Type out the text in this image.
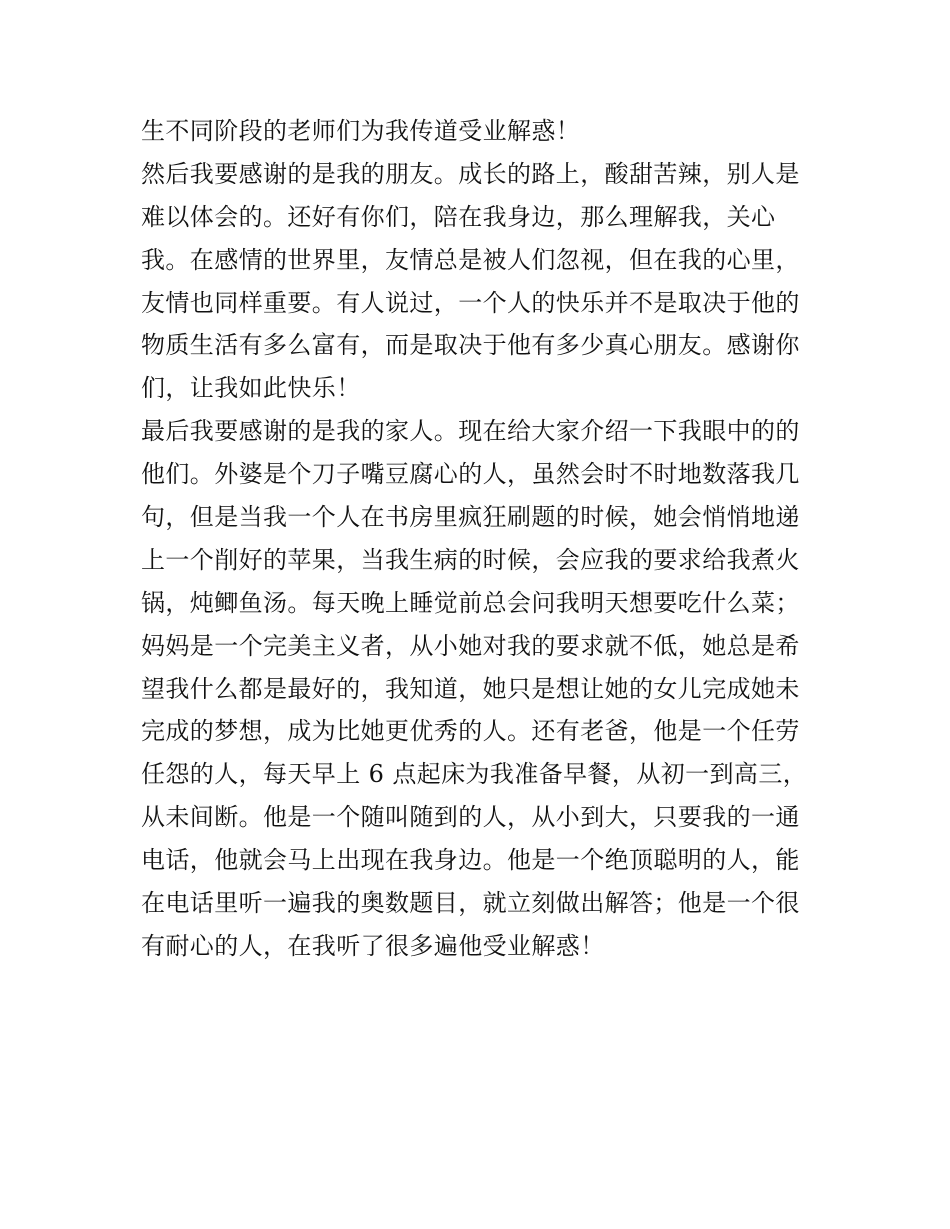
生不同阶段的老师们为我传道受业解惑！
然后我要感谢的是我的朋友。成长的路上，酸甜苦辣，别人是
难以体会的。还好有你们，陪在我身边，那么理解我，关心
我。在感情的世界里，友情总是被人们忽视，但在我的心里，
友情也同样重要。有人说过，一个人的快乐并不是取决于他的
物质生活有多么富有，而是取决于他有多少真心朋友。感谢你
们，让我如此快乐！
最后我要感谢的是我的家人。现在给大家介绍一下我眼中的的
他们。外婆是个刀子嘴豆腐心的人，虽然会时不时地数落我几
句，但是当我一个人在书房里疯狂刷题的时候，她会悄悄地递
上一个削好的苹果，当我生病的时候，会应我的要求给我煮火
锅，炖鲫鱼汤。每天晚上睡觉前总会问我明天想要吃什么菜；
妈妈是一个完美主义者，从小她对我的要求就不低，她总是希
望我什么都是最好的，我知道，她只是想让她的女儿完成她未
完成的梦想，成为比她更优秀的人。还有老爸，他是一个任劳
任怨的人，每天早上 6 点起床为我准备早餐，从初一到高三，
从未间断。他是一个随叫随到的人，从小到大，只要我的一通
电话，他就会马上出现在我身边。他是一个绝顶聪明的人，能
在电话里听一遍我的奥数题目，就立刻做出解答；他是一个很
有耐心的人，在我听了很多遍他受业解惑！
